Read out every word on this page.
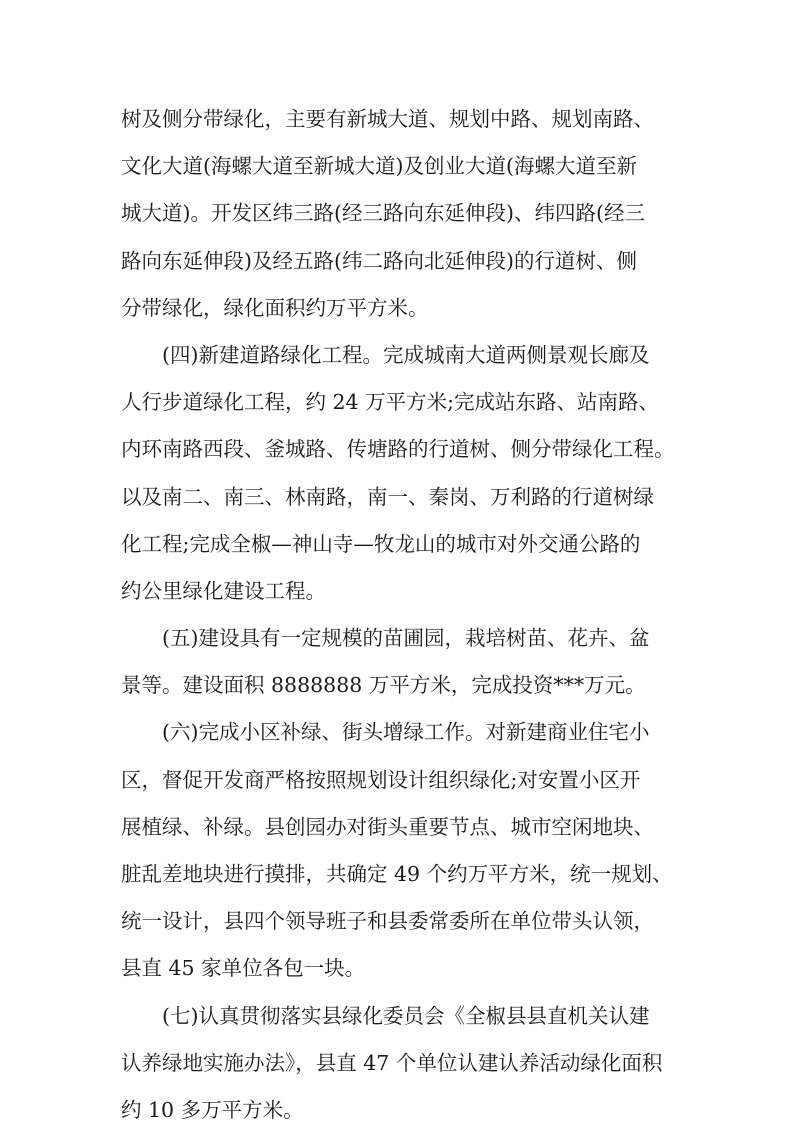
树及侧分带绿化，主要有新城大道、规划中路、规划南路、
文化大道(海螺大道至新城大道)及创业大道(海螺大道至新
城大道)。开发区纬三路(经三路向东延伸段)、纬四路(经三
路向东延伸段)及经五路(纬二路向北延伸段)的行道树、侧
分带绿化，绿化面积约万平方米。
(四)新建道路绿化工程。完成城南大道两侧景观长廊及
人行步道绿化工程，约 24 万平方米;完成站东路、站南路、
内环南路西段、釜城路、传塘路的行道树、侧分带绿化工程。
以及南二、南三、林南路，南一、秦岗、万利路的行道树绿
化工程;完成全椒—神山寺—牧龙山的城市对外交通公路的
约公里绿化建设工程。
(五)建设具有一定规模的苗圃园，栽培树苗、花卉、盆
景等。建设面积 8888888 万平方米，完成投资***万元。
(六)完成小区补绿、街头增绿工作。对新建商业住宅小
区，督促开发商严格按照规划设计组织绿化;对安置小区开
展植绿、补绿。县创园办对街头重要节点、城市空闲地块、
脏乱差地块进行摸排，共确定 49 个约万平方米，统一规划、
统一设计，县四个领导班子和县委常委所在单位带头认领，
县直 45 家单位各包一块。
(七)认真贯彻落实县绿化委员会《全椒县县直机关认建
认养绿地实施办法》，县直 47 个单位认建认养活动绿化面积
约 10 多万平方米。
